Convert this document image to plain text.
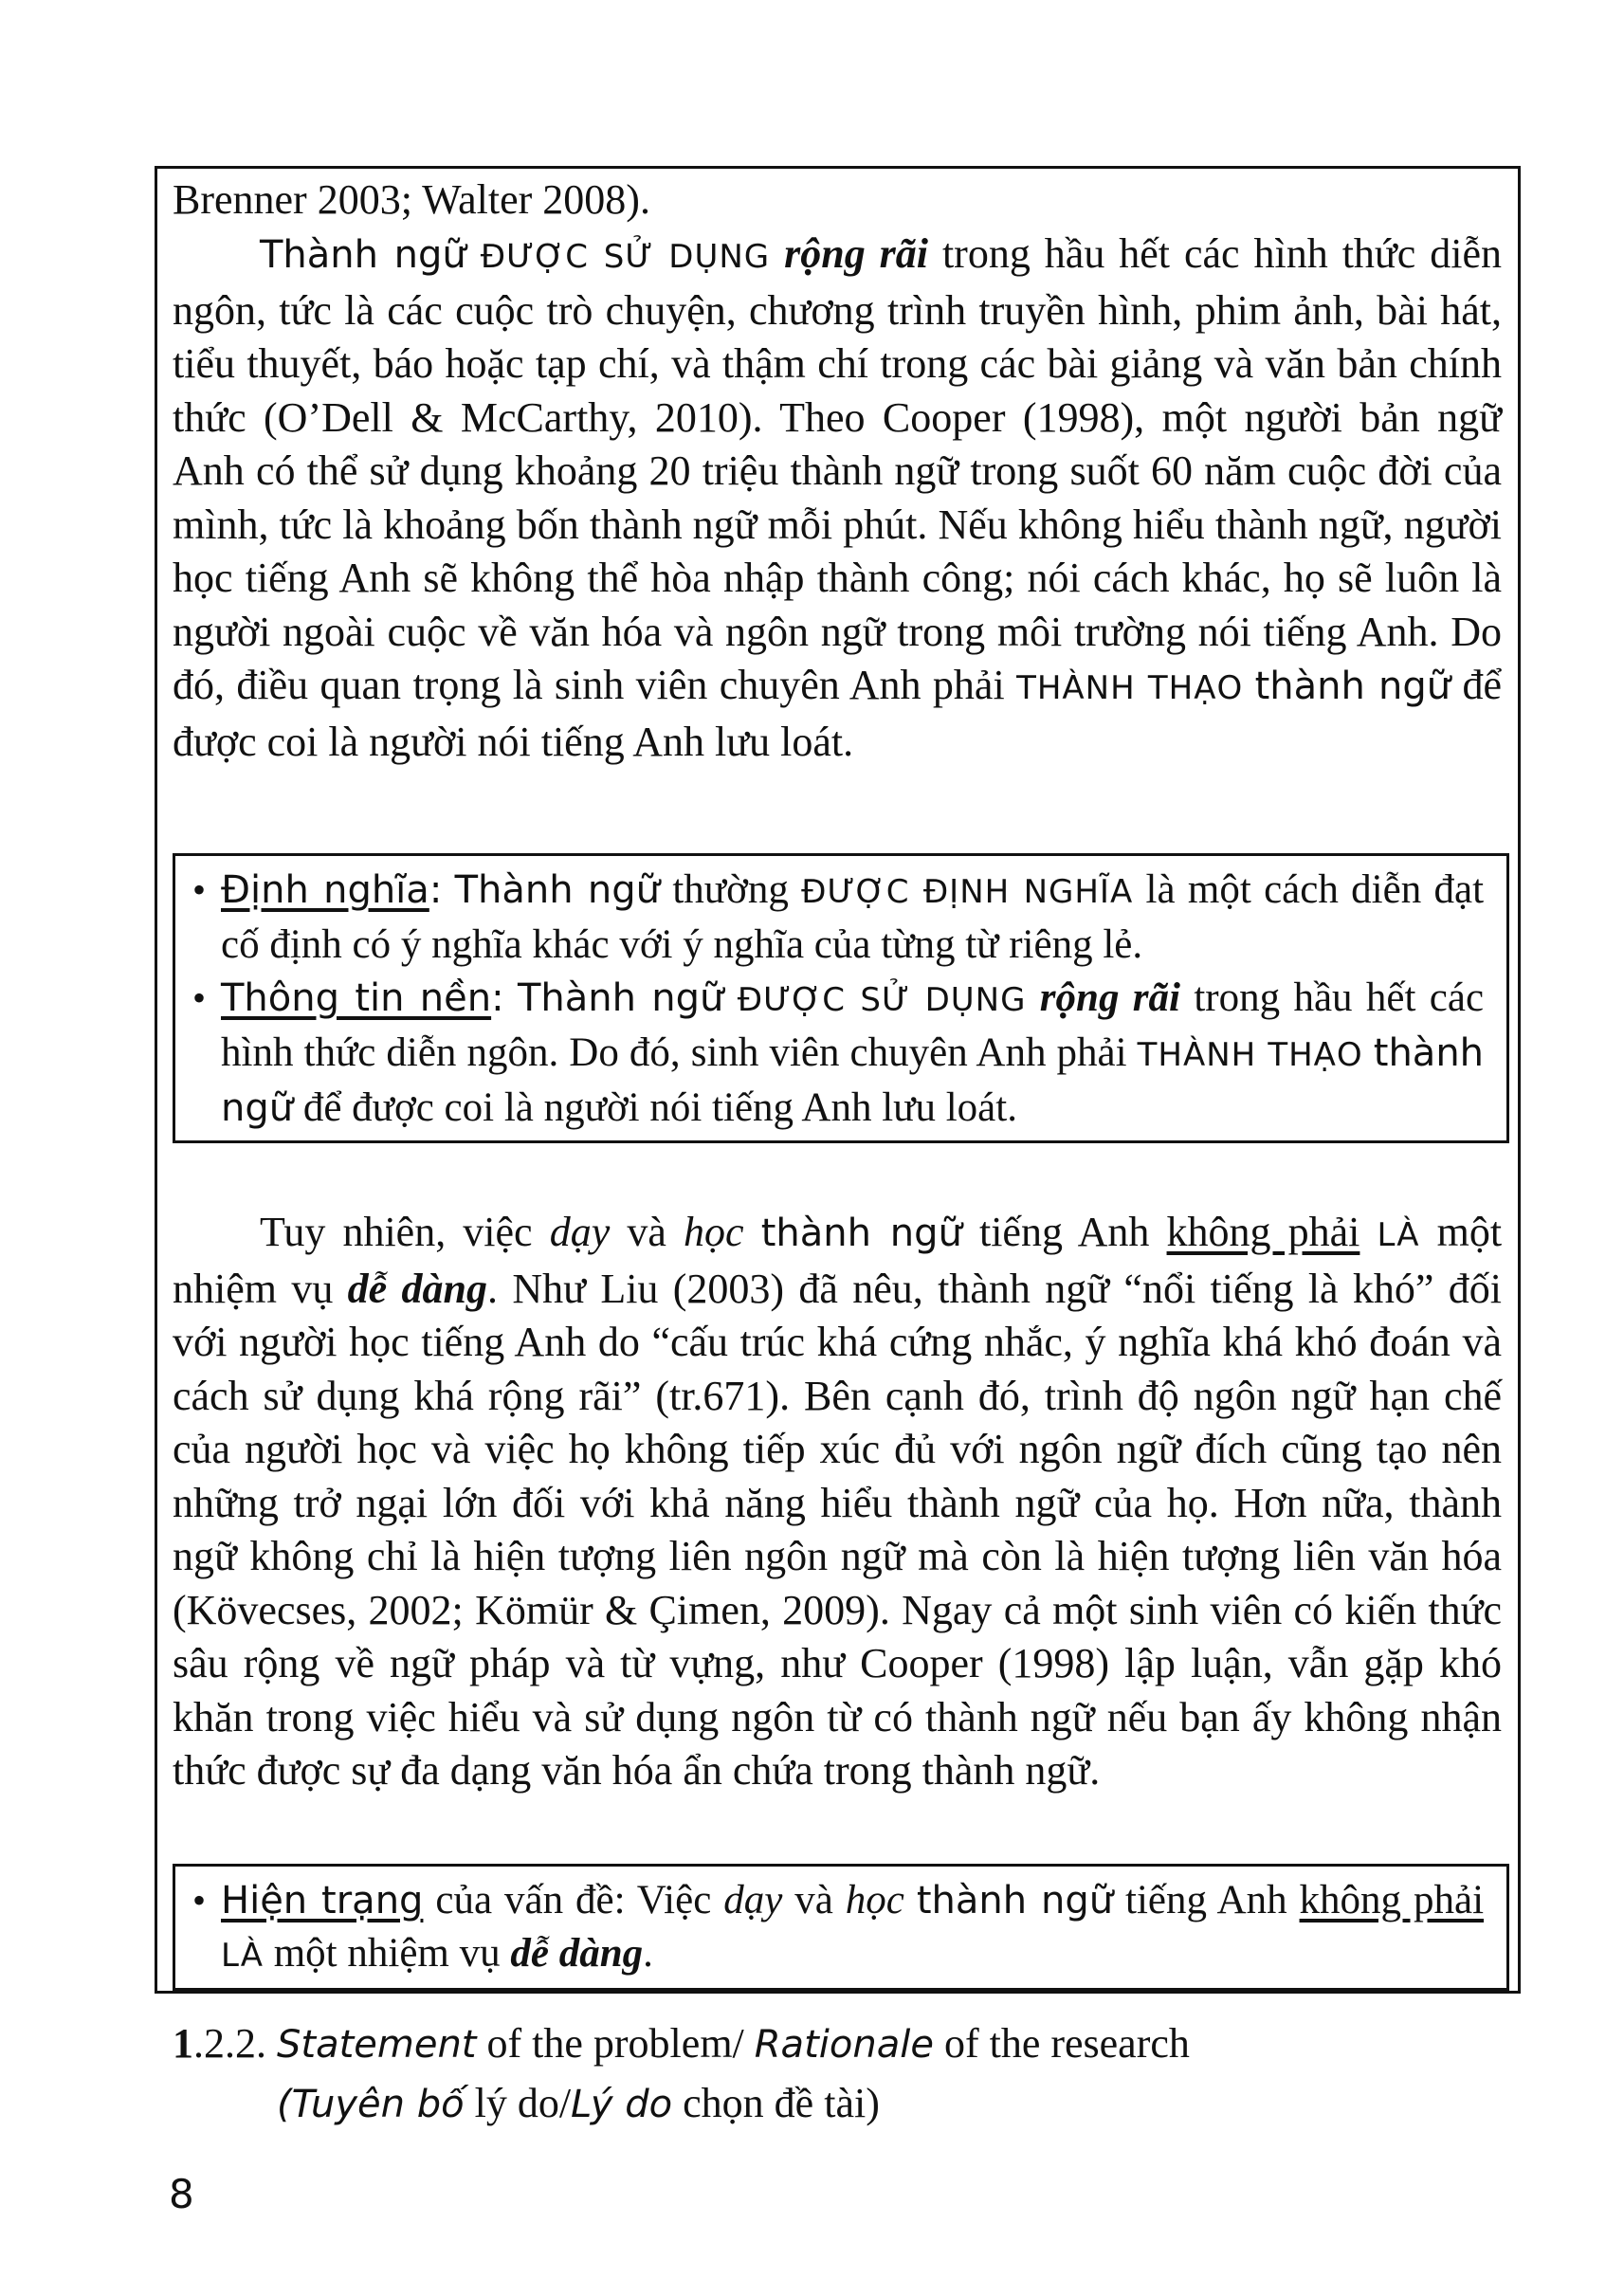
Brenner 2003; Walter 2008).

Thành ngữ ĐƯỢC SỬ DỤNG rộng rãi trong hầu hết các hình thức diễn ngôn, tức là các cuộc trò chuyện, chương trình truyền hình, phim ảnh, bài hát, tiểu thuyết, báo hoặc tạp chí, và thậm chí trong các bài giảng và văn bản chính thức (O’Dell & McCarthy, 2010). Theo Cooper (1998), một người bản ngữ Anh có thể sử dụng khoảng 20 triệu thành ngữ trong suốt 60 năm cuộc đời của mình, tức là khoảng bốn thành ngữ mỗi phút. Nếu không hiểu thành ngữ, người học tiếng Anh sẽ không thể hòa nhập thành công; nói cách khác, họ sẽ luôn là người ngoài cuộc về văn hóa và ngôn ngữ trong môi trường nói tiếng Anh. Do đó, điều quan trọng là sinh viên chuyên Anh phải THÀNH THẠO thành ngữ để được coi là người nói tiếng Anh lưu loát.

• Định nghĩa: Thành ngữ thường ĐƯỢC ĐỊNH NGHĨA là một cách diễn đạt cố định có ý nghĩa khác với ý nghĩa của từng từ riêng lẻ.
• Thông tin nền: Thành ngữ ĐƯỢC SỬ DỤNG rộng rãi trong hầu hết các hình thức diễn ngôn. Do đó, sinh viên chuyên Anh phải THÀNH THẠO thành ngữ để được coi là người nói tiếng Anh lưu loát.

Tuy nhiên, việc dạy và học thành ngữ tiếng Anh không phải LÀ một nhiệm vụ dễ dàng. Như Liu (2003) đã nêu, thành ngữ “nổi tiếng là khó” đối với người học tiếng Anh do “cấu trúc khá cứng nhắc, ý nghĩa khá khó đoán và cách sử dụng khá rộng rãi” (tr.671). Bên cạnh đó, trình độ ngôn ngữ hạn chế của người học và việc họ không tiếp xúc đủ với ngôn ngữ đích cũng tạo nên những trở ngại lớn đối với khả năng hiểu thành ngữ của họ. Hơn nữa, thành ngữ không chỉ là hiện tượng liên ngôn ngữ mà còn là hiện tượng liên văn hóa (Kövecses, 2002; Kömür & Çimen, 2009). Ngay cả một sinh viên có kiến thức sâu rộng về ngữ pháp và từ vựng, như Cooper (1998) lập luận, vẫn gặp khó khăn trong việc hiểu và sử dụng ngôn từ có thành ngữ nếu bạn ấy không nhận thức được sự đa dạng văn hóa ẩn chứa trong thành ngữ.

• Hiện trạng của vấn đề: Việc dạy và học thành ngữ tiếng Anh không phải LÀ một nhiệm vụ dễ dàng.
1.2.2. Statement of the problem/ Rationale of the research
(Tuyên bố lý do/Lý do chọn đề tài)
8
